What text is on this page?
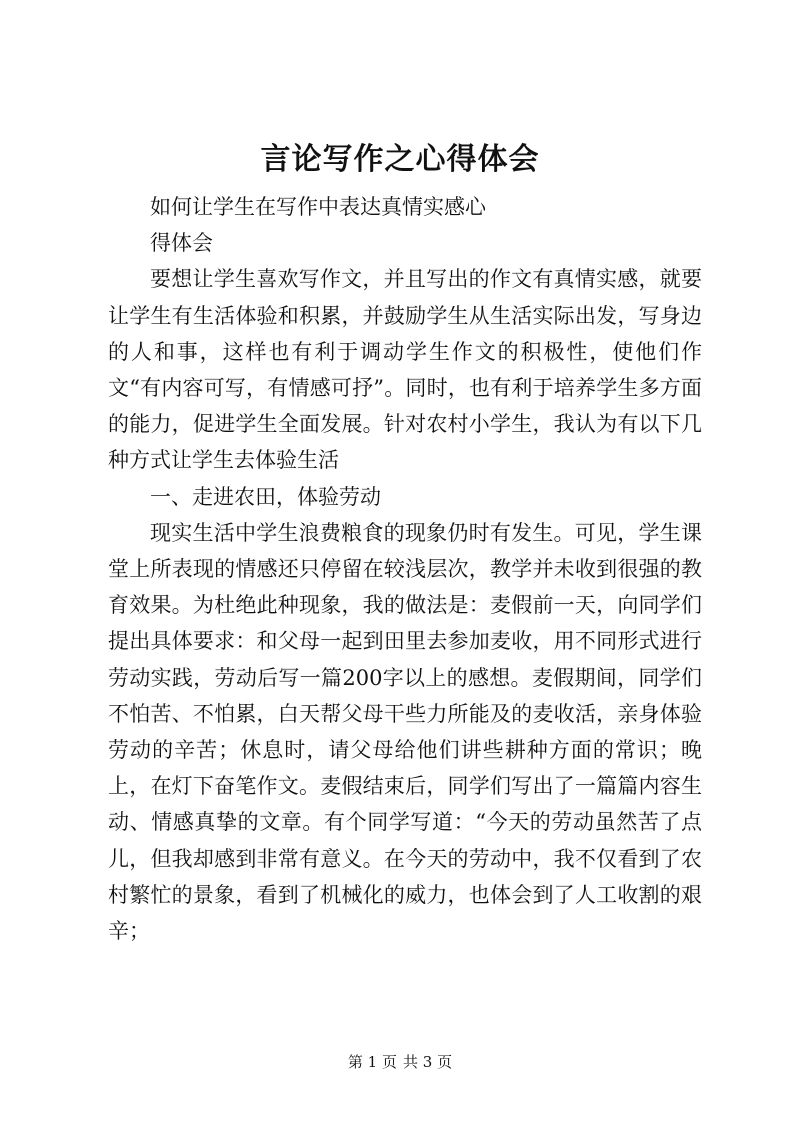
言论写作之心得体会

如何让学生在写作中表达真情实感心

得体会

要想让学生喜欢写作文，并且写出的作文有真情实感，就要让学生有生活体验和积累，并鼓励学生从生活实际出发，写身边的人和事，这样也有利于调动学生作文的积极性，使他们作文“有内容可写，有情感可抒”。同时，也有利于培养学生多方面的能力，促进学生全面发展。针对农村小学生，我认为有以下几种方式让学生去体验生活

一、走进农田，体验劳动

现实生活中学生浪费粮食的现象仍时有发生。可见，学生课堂上所表现的情感还只停留在较浅层次，教学并未收到很强的教育效果。为杜绝此种现象，我的做法是：麦假前一天，向同学们提出具体要求：和父母一起到田里去参加麦收，用不同形式进行劳动实践，劳动后写一篇200字以上的感想。麦假期间，同学们不怕苦、不怕累，白天帮父母干些力所能及的麦收活，亲身体验劳动的辛苦；休息时，请父母给他们讲些耕种方面的常识；晚上，在灯下奋笔作文。麦假结束后，同学们写出了一篇篇内容生动、情感真挚的文章。有个同学写道：“今天的劳动虽然苦了点儿，但我却感到非常有意义。在今天的劳动中，我不仅看到了农村繁忙的景象，看到了机械化的威力，也体会到了人工收割的艰辛；

第 1 页 共 3 页
